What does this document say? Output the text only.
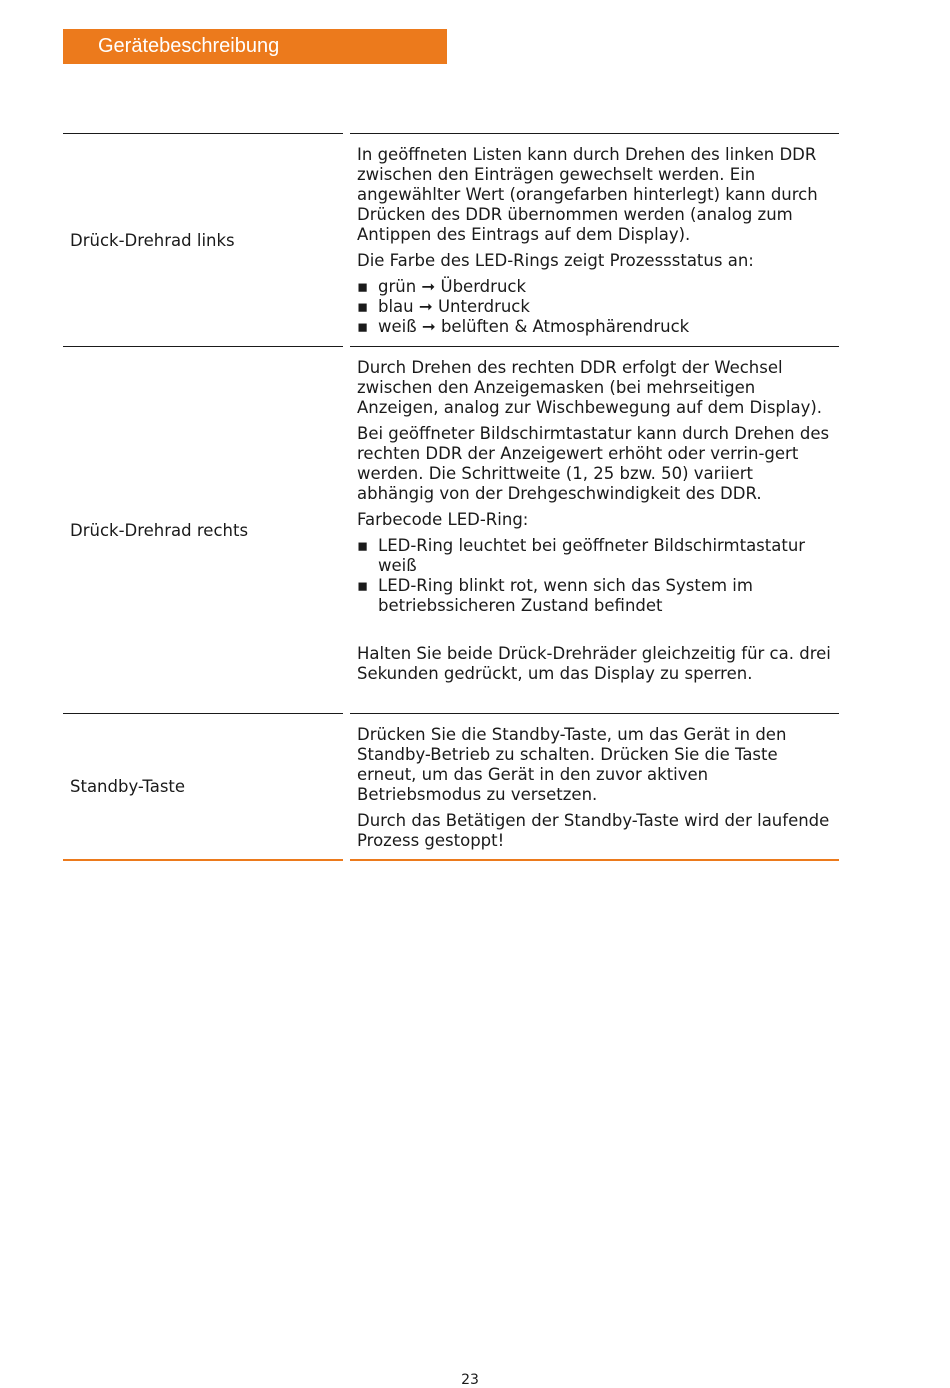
Gerätebeschreibung
Drück-Drehrad links

In geöffneten Listen kann durch Drehen des linken DDR zwischen den Einträgen gewechselt werden. Ein angewählter Wert (orangefarben hinterlegt) kann durch Drücken des DDR übernommen werden (analog zum Antippen des Eintrags auf dem Display).

Die Farbe des LED-Rings zeigt Prozessstatus an:

▪ grün ➞ Überdruck
▪ blau ➞ Unterdruck
▪ weiß ➞ belüften & Atmosphärendruck
Drück-Drehrad rechts

Durch Drehen des rechten DDR erfolgt der Wechsel zwischen den Anzeigemasken (bei mehrseitigen Anzeigen, analog zur Wischbewegung auf dem Display).

Bei geöffneter Bildschirmtastatur kann durch Drehen des rechten DDR der Anzeigewert erhöht oder verrin-gert werden. Die Schrittweite (1, 25 bzw. 50) variiert abhängig von der Drehgeschwindigkeit des DDR.

Farbecode LED-Ring:

▪ LED-Ring leuchtet bei geöffneter Bildschirmtastatur weiß
▪ LED-Ring blinkt rot, wenn sich das System im betriebssicheren Zustand befindet

Halten Sie beide Drück-Drehräder gleichzeitig für ca. drei Sekunden gedrückt, um das Display zu sperren.

Standby-Taste

Drücken Sie die Standby-Taste, um das Gerät in den Standby-Betrieb zu schalten. Drücken Sie die Taste erneut, um das Gerät in den zuvor aktiven Betriebsmodus zu versetzen.

Durch das Betätigen der Standby-Taste wird der laufende Prozess gestoppt!

23
